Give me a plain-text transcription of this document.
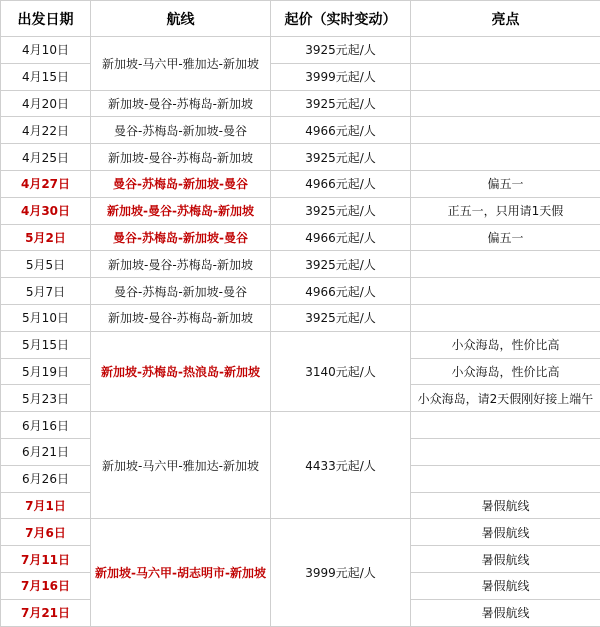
出发日期	航线	起价（实时变动）	亮点
4月10日	新加坡-马六甲-雅加达-新加坡	3925元起/人	
4月15日		3999元起/人	
4月20日	新加坡-曼谷-苏梅岛-新加坡	3925元起/人	
4月22日	曼谷-苏梅岛-新加坡-曼谷	4966元起/人	
4月25日	新加坡-曼谷-苏梅岛-新加坡	3925元起/人	
4月27日	曼谷-苏梅岛-新加坡-曼谷	4966元起/人	偏五一
4月30日	新加坡-曼谷-苏梅岛-新加坡	3925元起/人	正五一，只用请1天假
5月2日	曼谷-苏梅岛-新加坡-曼谷	4966元起/人	偏五一
5月5日	新加坡-曼谷-苏梅岛-新加坡	3925元起/人	
5月7日	曼谷-苏梅岛-新加坡-曼谷	4966元起/人	
5月10日	新加坡-曼谷-苏梅岛-新加坡	3925元起/人	
5月15日	新加坡-苏梅岛-热浪岛-新加坡	3140元起/人	小众海岛，性价比高
5月19日			小众海岛，性价比高
5月23日			小众海岛，请2天假刚好接上端午
6月16日	新加坡-马六甲-雅加达-新加坡	4433元起/人	
6月21日			
6月26日			
7月1日			暑假航线
7月6日	新加坡-马六甲-胡志明市-新加坡	3999元起/人	暑假航线
7月11日			暑假航线
7月16日			暑假航线
7月21日			暑假航线
